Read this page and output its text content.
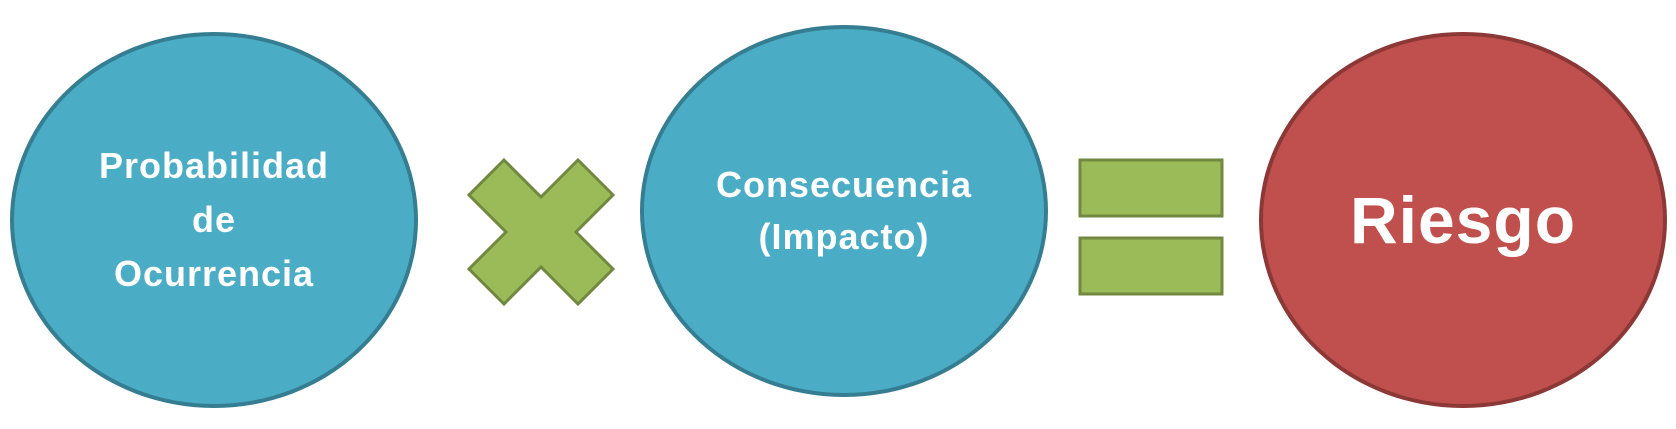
Probabilidad
de
Ocurrencia
Consecuencia
(Impacto)	Riesgo
